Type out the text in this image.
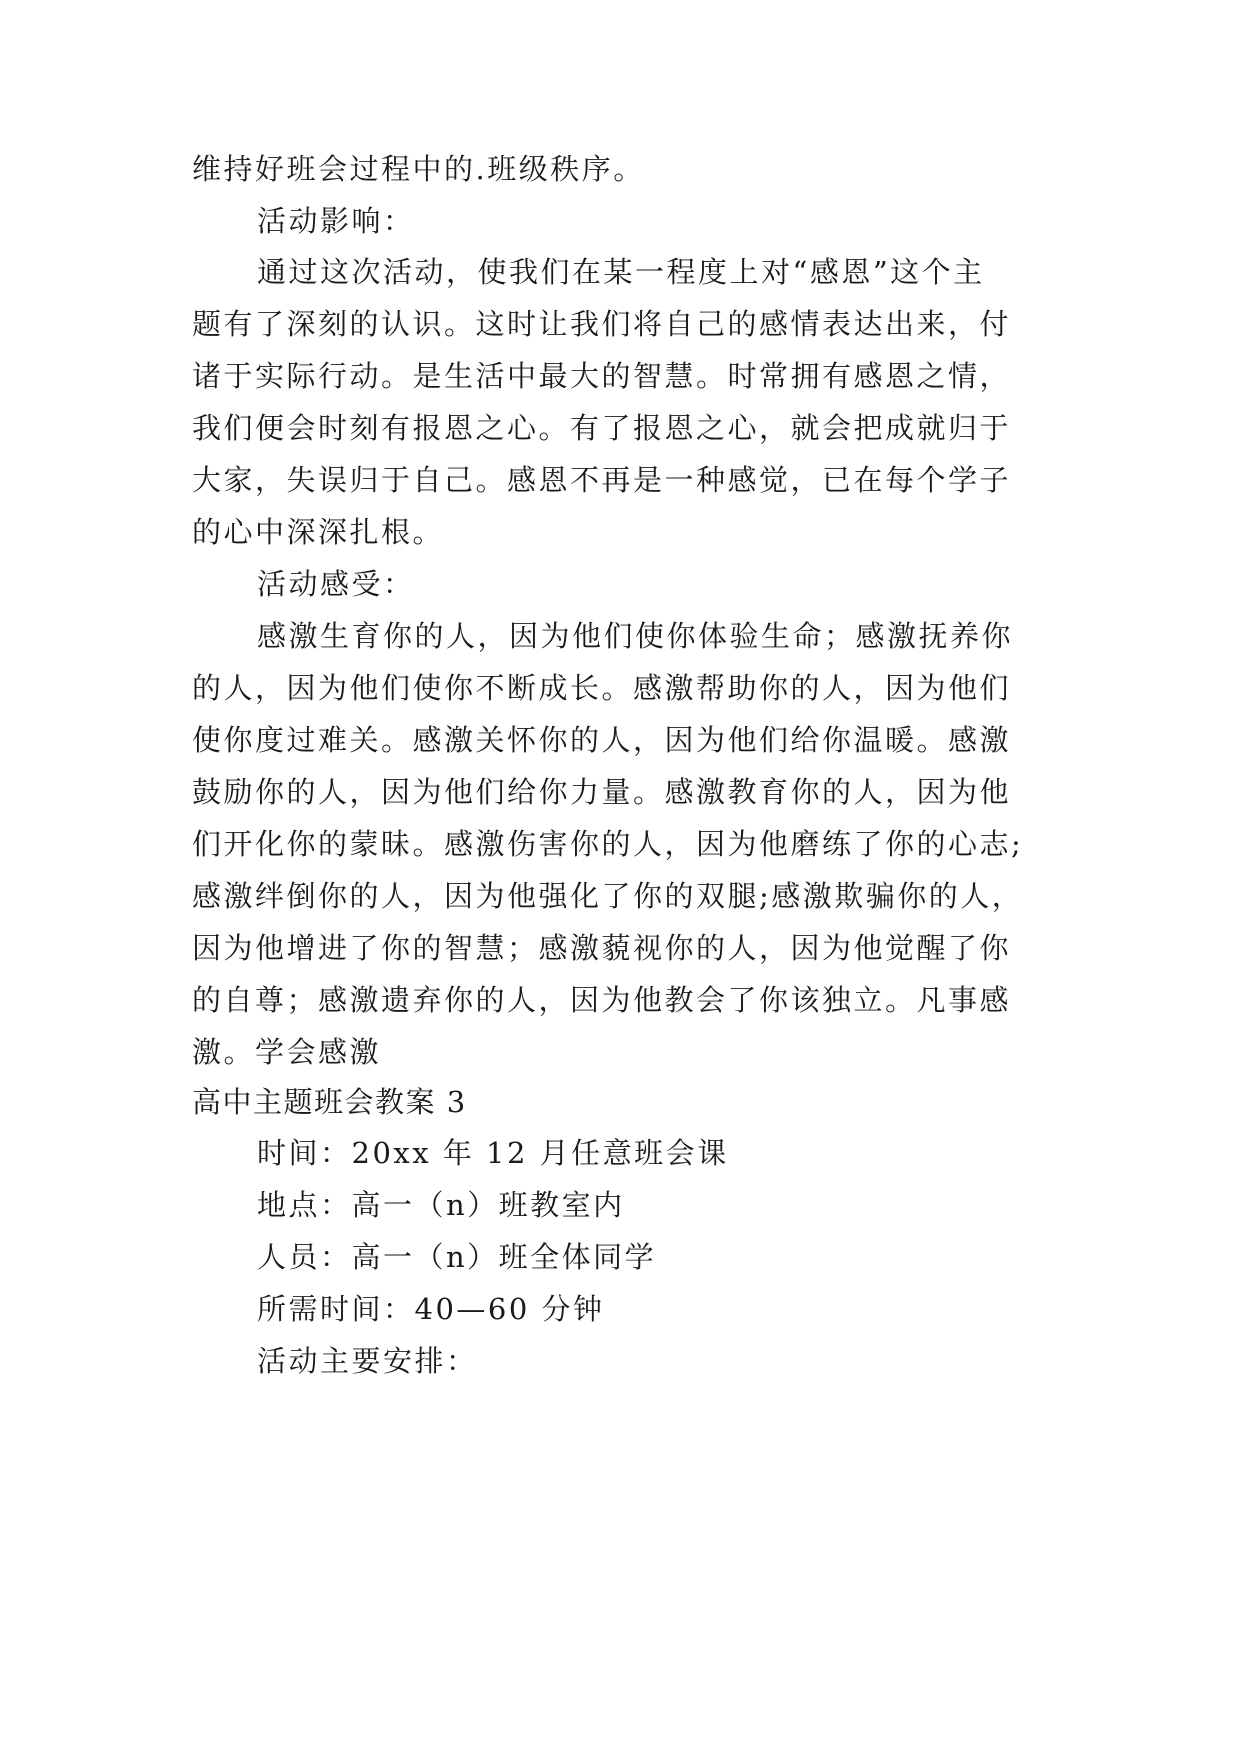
维持好班会过程中的.班级秩序。
活动影响：
通过这次活动，使我们在某一程度上对“感恩”这个主
题有了深刻的认识。这时让我们将自己的感情表达出来，付
诸于实际行动。是生活中最大的智慧。时常拥有感恩之情，
我们便会时刻有报恩之心。有了报恩之心，就会把成就归于
大家，失误归于自己。感恩不再是一种感觉，已在每个学子
的心中深深扎根。
活动感受：
感激生育你的人，因为他们使你体验生命；感激抚养你
的人，因为他们使你不断成长。感激帮助你的人，因为他们
使你度过难关。感激关怀你的人，因为他们给你温暖。感激
鼓励你的人，因为他们给你力量。感激教育你的人，因为他
们开化你的蒙昧。感激伤害你的人，因为他磨练了你的心志;
感激绊倒你的人，因为他强化了你的双腿;感激欺骗你的人，
因为他增进了你的智慧；感激藐视你的人，因为他觉醒了你
的自尊；感激遗弃你的人，因为他教会了你该独立。凡事感
激。学会感激
高中主题班会教案 3
时间：20xx 年 12 月任意班会课
地点：高一（n）班教室内
人员：高一（n）班全体同学
所需时间：40—60 分钟
活动主要安排：
